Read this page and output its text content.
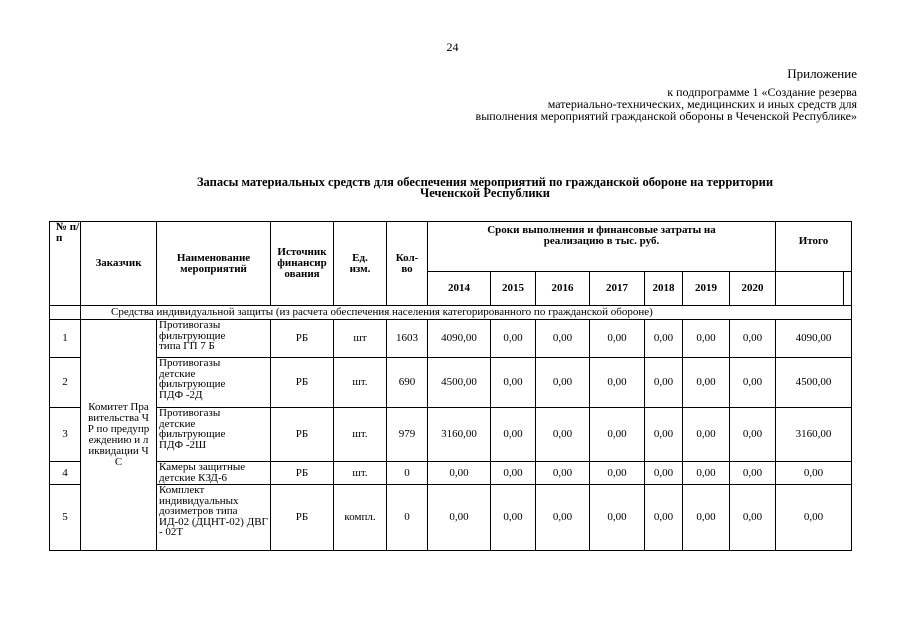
24
Приложение
к подпрограмме 1 «Создание резерва
материально-технических, медицинских и иных средств для
выполнения мероприятий гражданской обороны в Чеченской Республике»
Запасы материальных средств для обеспечения мероприятий по гражданской обороне на территории
Чеченской Республики
№ п/п	Заказчик	Наименование мероприятий	Источник финансирования	Ед. изм.	Кол-во	Сроки выполнения и финансовые затраты на реализацию в тыс. руб.							Итого	
						2014	2015	2016	2017	2018	2019	2020		
	Средства индивидуальной защиты (из расчета обеспечения населения категорированного по гражданской обороне)													
1	Комитет Правительства ЧР по предупреждению и ликвидации ЧС	Противогазы фильтрующие типа ГП 7 Б	РБ	шт	1603	4090,00	0,00	0,00	0,00	0,00	0,00	0,00	4090,00	
2		Противогазы детские фильтрующие ПДФ -2Д	РБ	шт.	690	4500,00	0,00	0,00	0,00	0,00	0,00	0,00	4500,00	
3		Противогазы детские фильтрующие ПДФ -2Ш	РБ	шт.	979	3160,00	0,00	0,00	0,00	0,00	0,00	0,00	3160,00	
4		Камеры защитные детские КЗД-6	РБ	шт.	0	0,00	0,00	0,00	0,00	0,00	0,00	0,00	0,00	
5		Комплект индивидуальных дозиметров типа ИД-02 (ДЦНТ-02) ДВГ - 02Т	РБ	компл.	0	0,00	0,00	0,00	0,00	0,00	0,00	0,00	0,00	
